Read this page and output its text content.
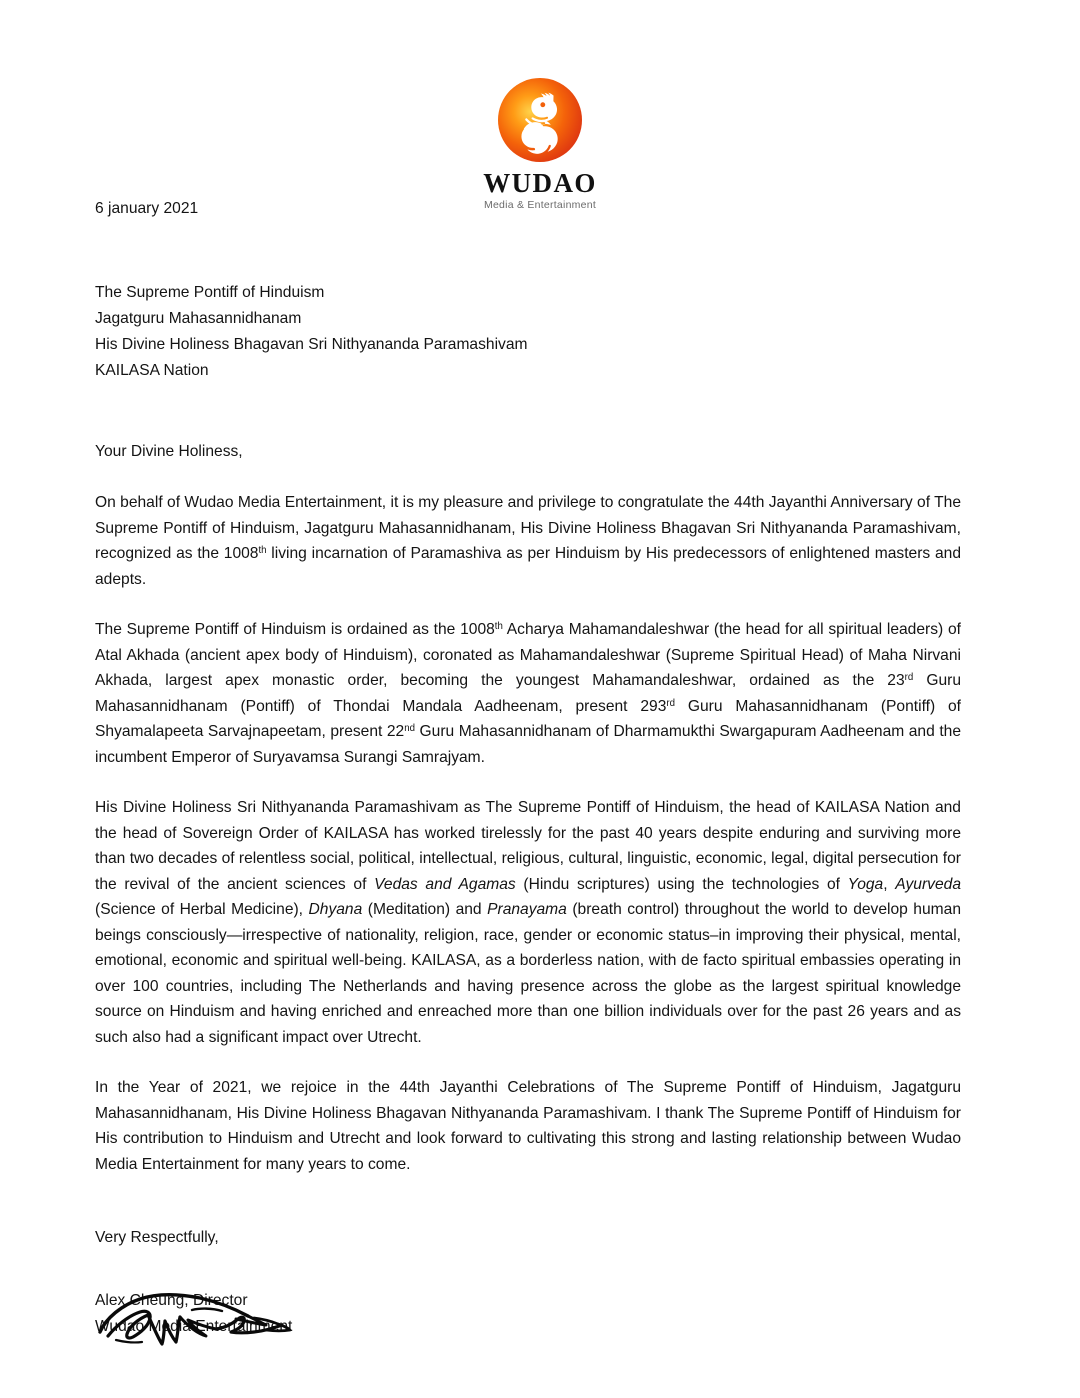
WUDAO
Media & Entertainment
6 january 2021
The Supreme Pontiff of Hinduism
Jagatguru Mahasannidhanam
His Divine Holiness Bhagavan Sri Nithyananda Paramashivam
KAILASA Nation
Your Divine Holiness,

On behalf of Wudao Media Entertainment, it is my pleasure and privilege to congratulate the 44th Jayanthi Anniversary of The Supreme Pontiff of Hinduism, Jagatguru Mahasannidhanam, His Divine Holiness Bhagavan Sri Nithyananda Paramashivam, recognized as the 1008th living incarnation of Paramashiva as per Hinduism by His predecessors of enlightened masters and adepts.

The Supreme Pontiff of Hinduism is ordained as the 1008th Acharya Mahamandaleshwar (the head for all spiritual leaders) of Atal Akhada (ancient apex body of Hinduism), coronated as Mahamandaleshwar (Supreme Spiritual Head) of Maha Nirvani Akhada, largest apex monastic order, becoming the youngest Mahamandaleshwar, ordained as the 23rd Guru Mahasannidhanam (Pontiff) of Thondai Mandala Aadheenam, present 293rd Guru Mahasannidhanam (Pontiff) of Shyamalapeeta Sarvajnapeetam, present 22nd Guru Mahasannidhanam of Dharmamukthi Swargapuram Aadheenam and the incumbent Emperor of Suryavamsa Surangi Samrajyam.

His Divine Holiness Sri Nithyananda Paramashivam as The Supreme Pontiff of Hinduism, the head of KAILASA Nation and the head of Sovereign Order of KAILASA has worked tirelessly for the past 40 years despite enduring and surviving more than two decades of relentless social, political, intellectual, religious, cultural, linguistic, economic, legal, digital persecution for the revival of the ancient sciences of Vedas and Agamas (Hindu scriptures) using the technologies of Yoga, Ayurveda (Science of Herbal Medicine), Dhyana (Meditation) and Pranayama (breath control) throughout the world to develop human beings consciously—irrespective of nationality, religion, race, gender or economic status–in improving their physical, mental, emotional, economic and spiritual well-being. KAILASA, as a borderless nation, with de facto spiritual embassies operating in over 100 countries, including The Netherlands and having presence across the globe as the largest spiritual knowledge source on Hinduism and having enriched and enreached more than one billion individuals over for the past 26 years and as such also had a significant impact over Utrecht.

In the Year of 2021, we rejoice in the 44th Jayanthi Celebrations of The Supreme Pontiff of Hinduism, Jagatguru Mahasannidhanam, His Divine Holiness Bhagavan Nithyananda Paramashivam. I thank The Supreme Pontiff of Hinduism for His contribution to Hinduism and Utrecht and look forward to cultivating this strong and lasting relationship between Wudao Media Entertainment for many years to come.

Very Respectfully,
Alex Cheung, Director
Wudao Media Entertainment
